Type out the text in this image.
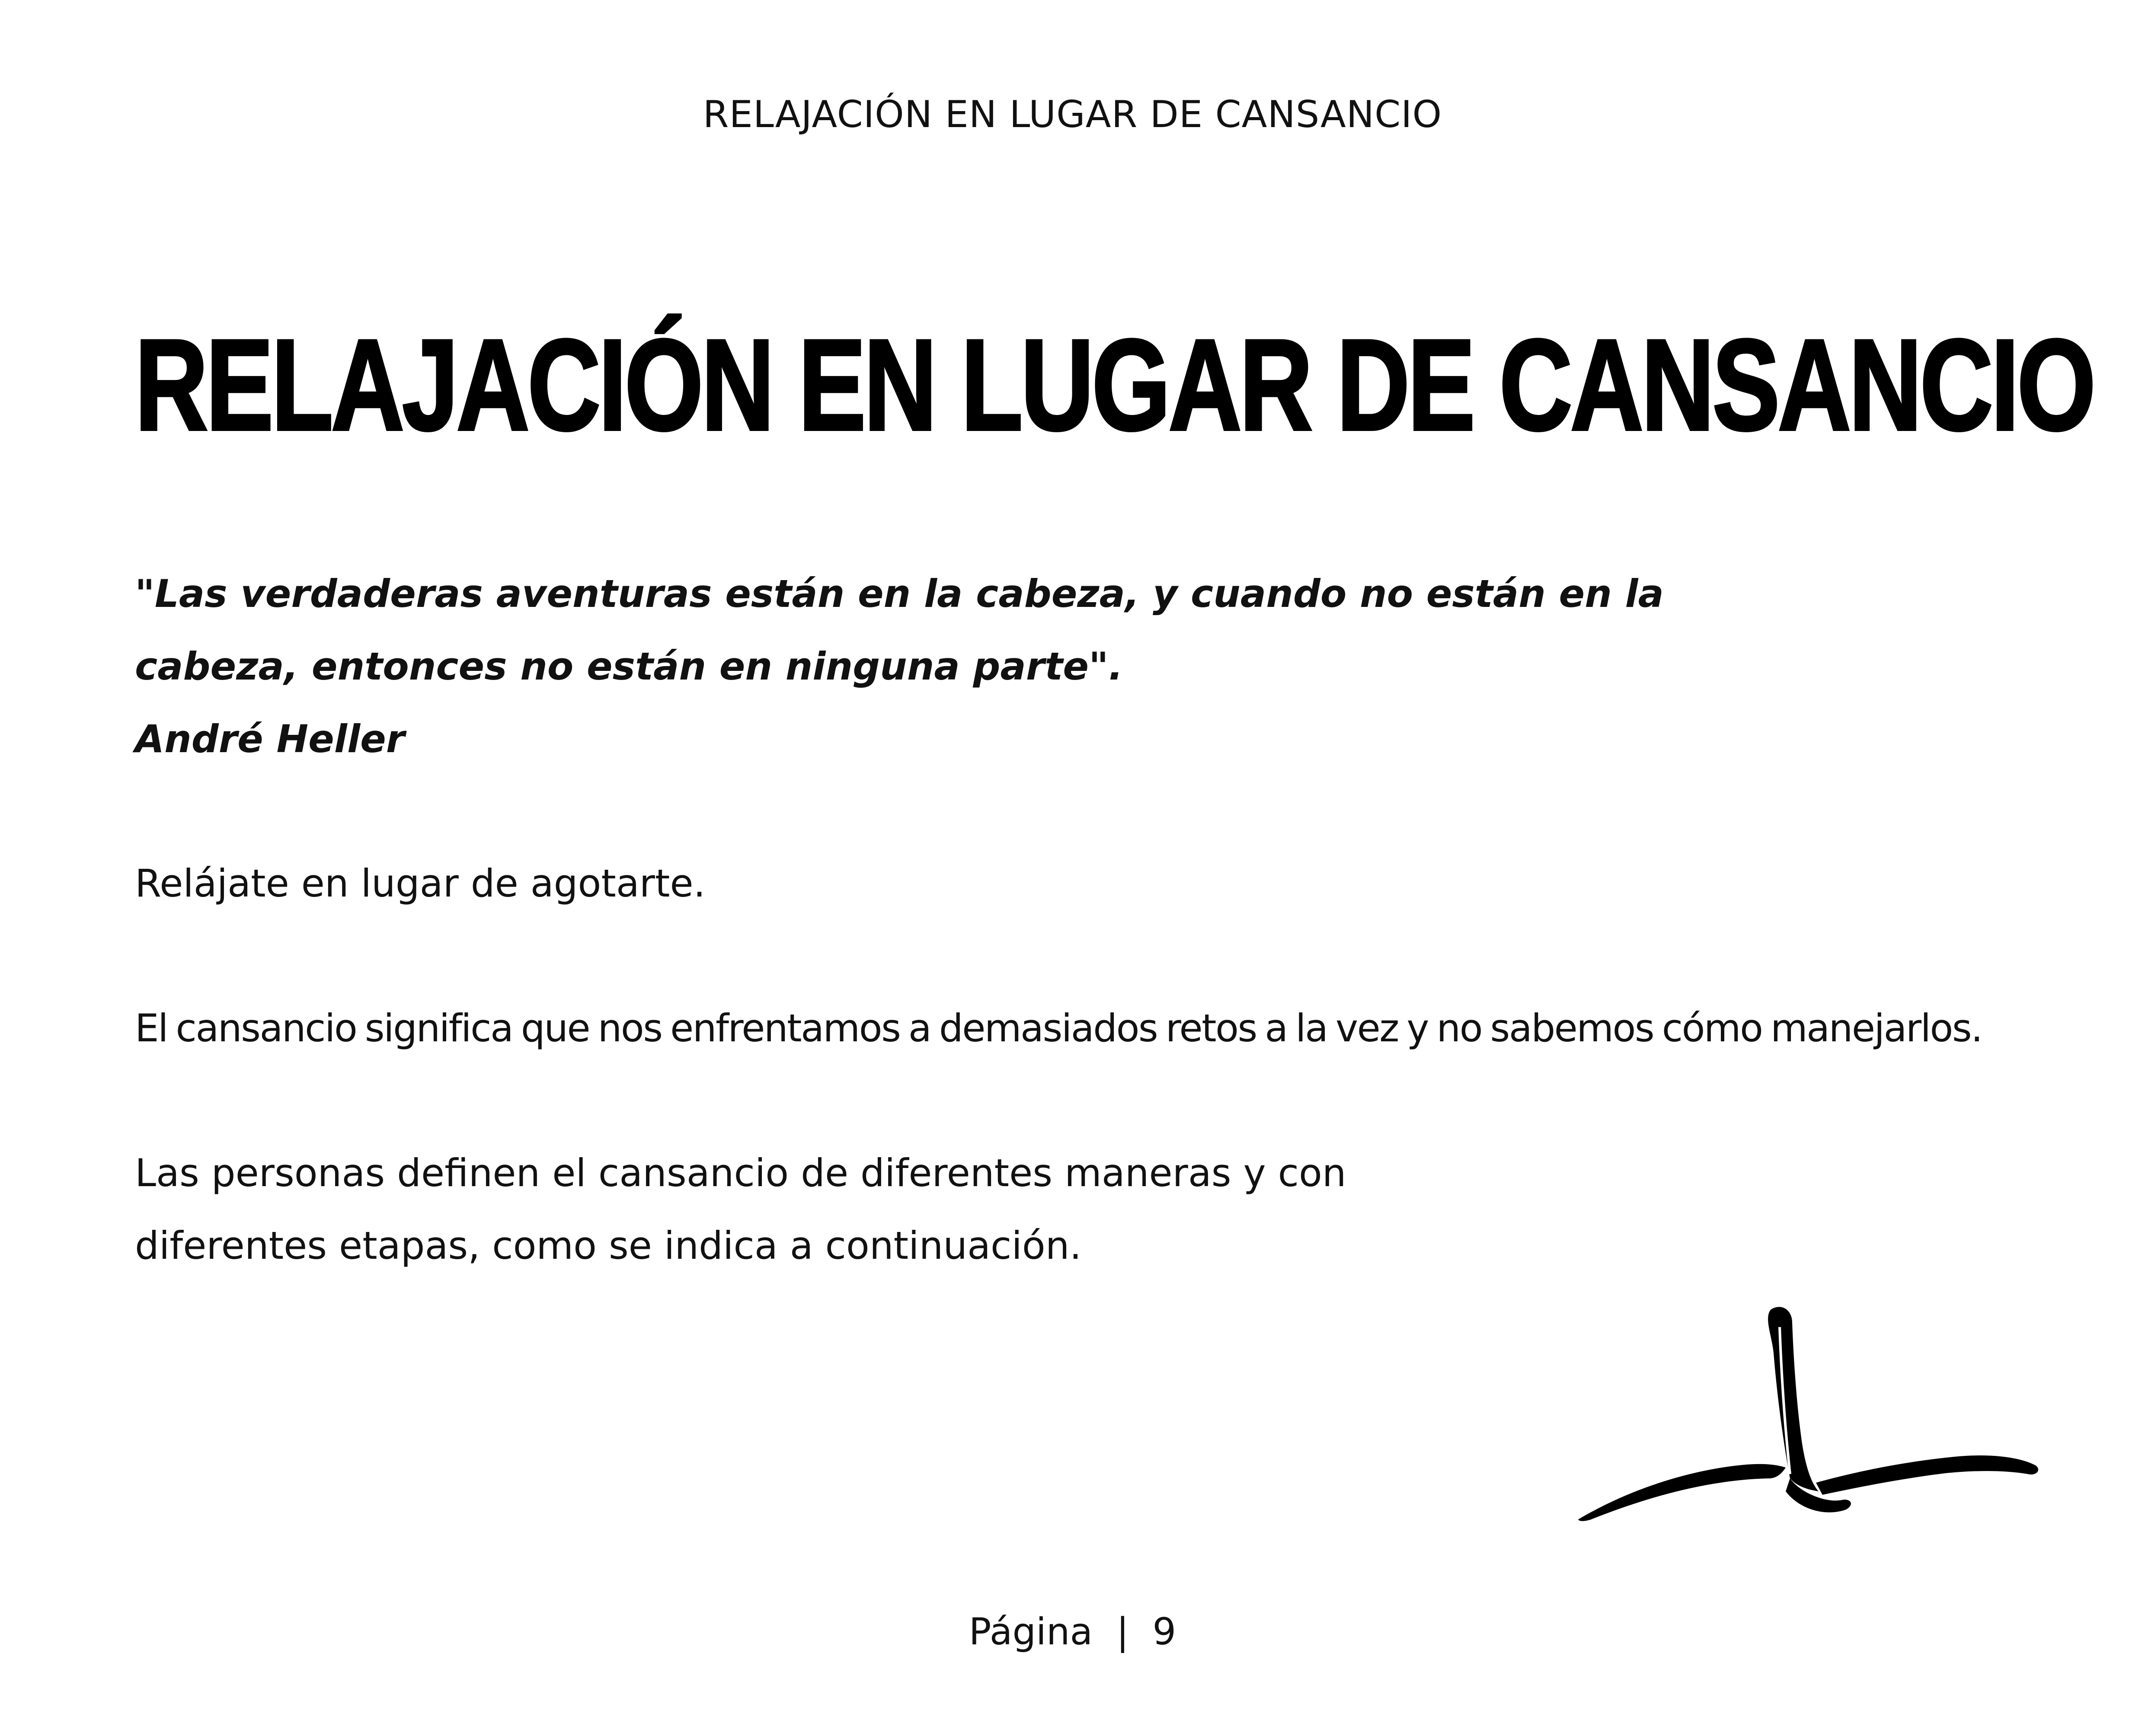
RELAJACIÓN EN LUGAR DE CANSANCIO
RELAJACIÓN EN LUGAR DE CANSANCIO
"Las verdaderas aventuras están en la cabeza, y cuando no están en la
cabeza, entonces no están en ninguna parte".
André Heller
Relájate en lugar de agotarte.
El cansancio significa que nos enfrentamos a demasiados retos a la vez y no sabemos cómo manejarlos.
Las personas definen el cansancio de diferentes maneras y con
diferentes etapas, como se indica a continuación.
Página | 9
